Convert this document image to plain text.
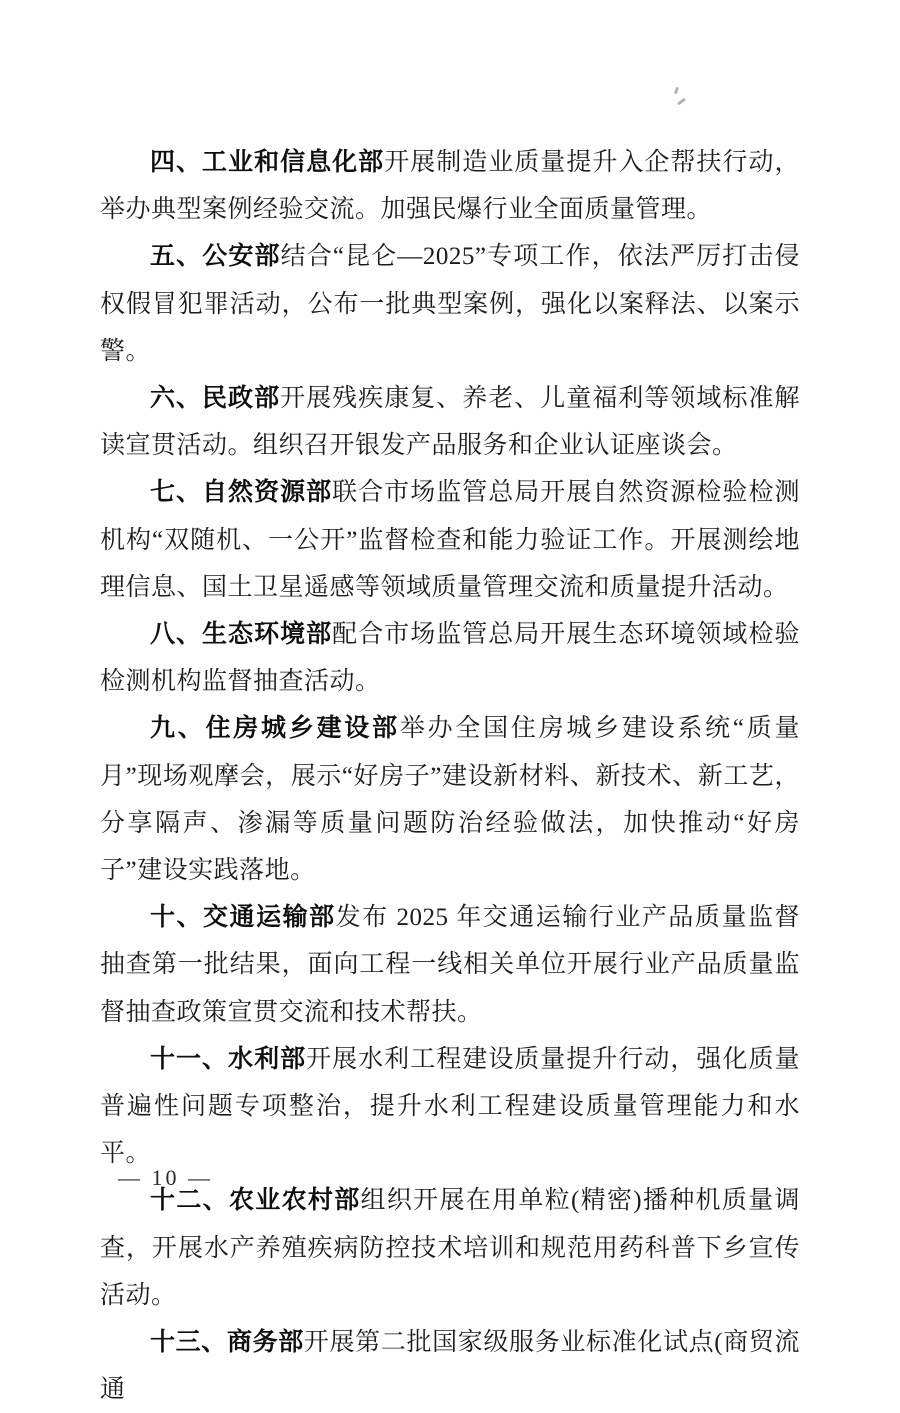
四、工业和信息化部开展制造业质量提升入企帮扶行动，举办典型案例经验交流。加强民爆行业全面质量管理。

五、公安部结合“昆仑—2025”专项工作，依法严厉打击侵权假冒犯罪活动，公布一批典型案例，强化以案释法、以案示警。

六、民政部开展残疾康复、养老、儿童福利等领域标准解读宣贯活动。组织召开银发产品服务和企业认证座谈会。

七、自然资源部联合市场监管总局开展自然资源检验检测机构“双随机、一公开”监督检查和能力验证工作。开展测绘地理信息、国土卫星遥感等领域质量管理交流和质量提升活动。

八、生态环境部配合市场监管总局开展生态环境领域检验检测机构监督抽查活动。

九、住房城乡建设部举办全国住房城乡建设系统“质量月”现场观摩会，展示“好房子”建设新材料、新技术、新工艺，分享隔声、渗漏等质量问题防治经验做法，加快推动“好房子”建设实践落地。

十、交通运输部发布 2025 年交通运输行业产品质量监督抽查第一批结果，面向工程一线相关单位开展行业产品质量监督抽查政策宣贯交流和技术帮扶。

十一、水利部开展水利工程建设质量提升行动，强化质量普遍性问题专项整治，提升水利工程建设质量管理能力和水平。

十二、农业农村部组织开展在用单粒(精密)播种机质量调查，开展水产养殖疾病防控技术培训和规范用药科普下乡宣传活动。

十三、商务部开展第二批国家级服务业标准化试点(商贸流通

— 10 —
